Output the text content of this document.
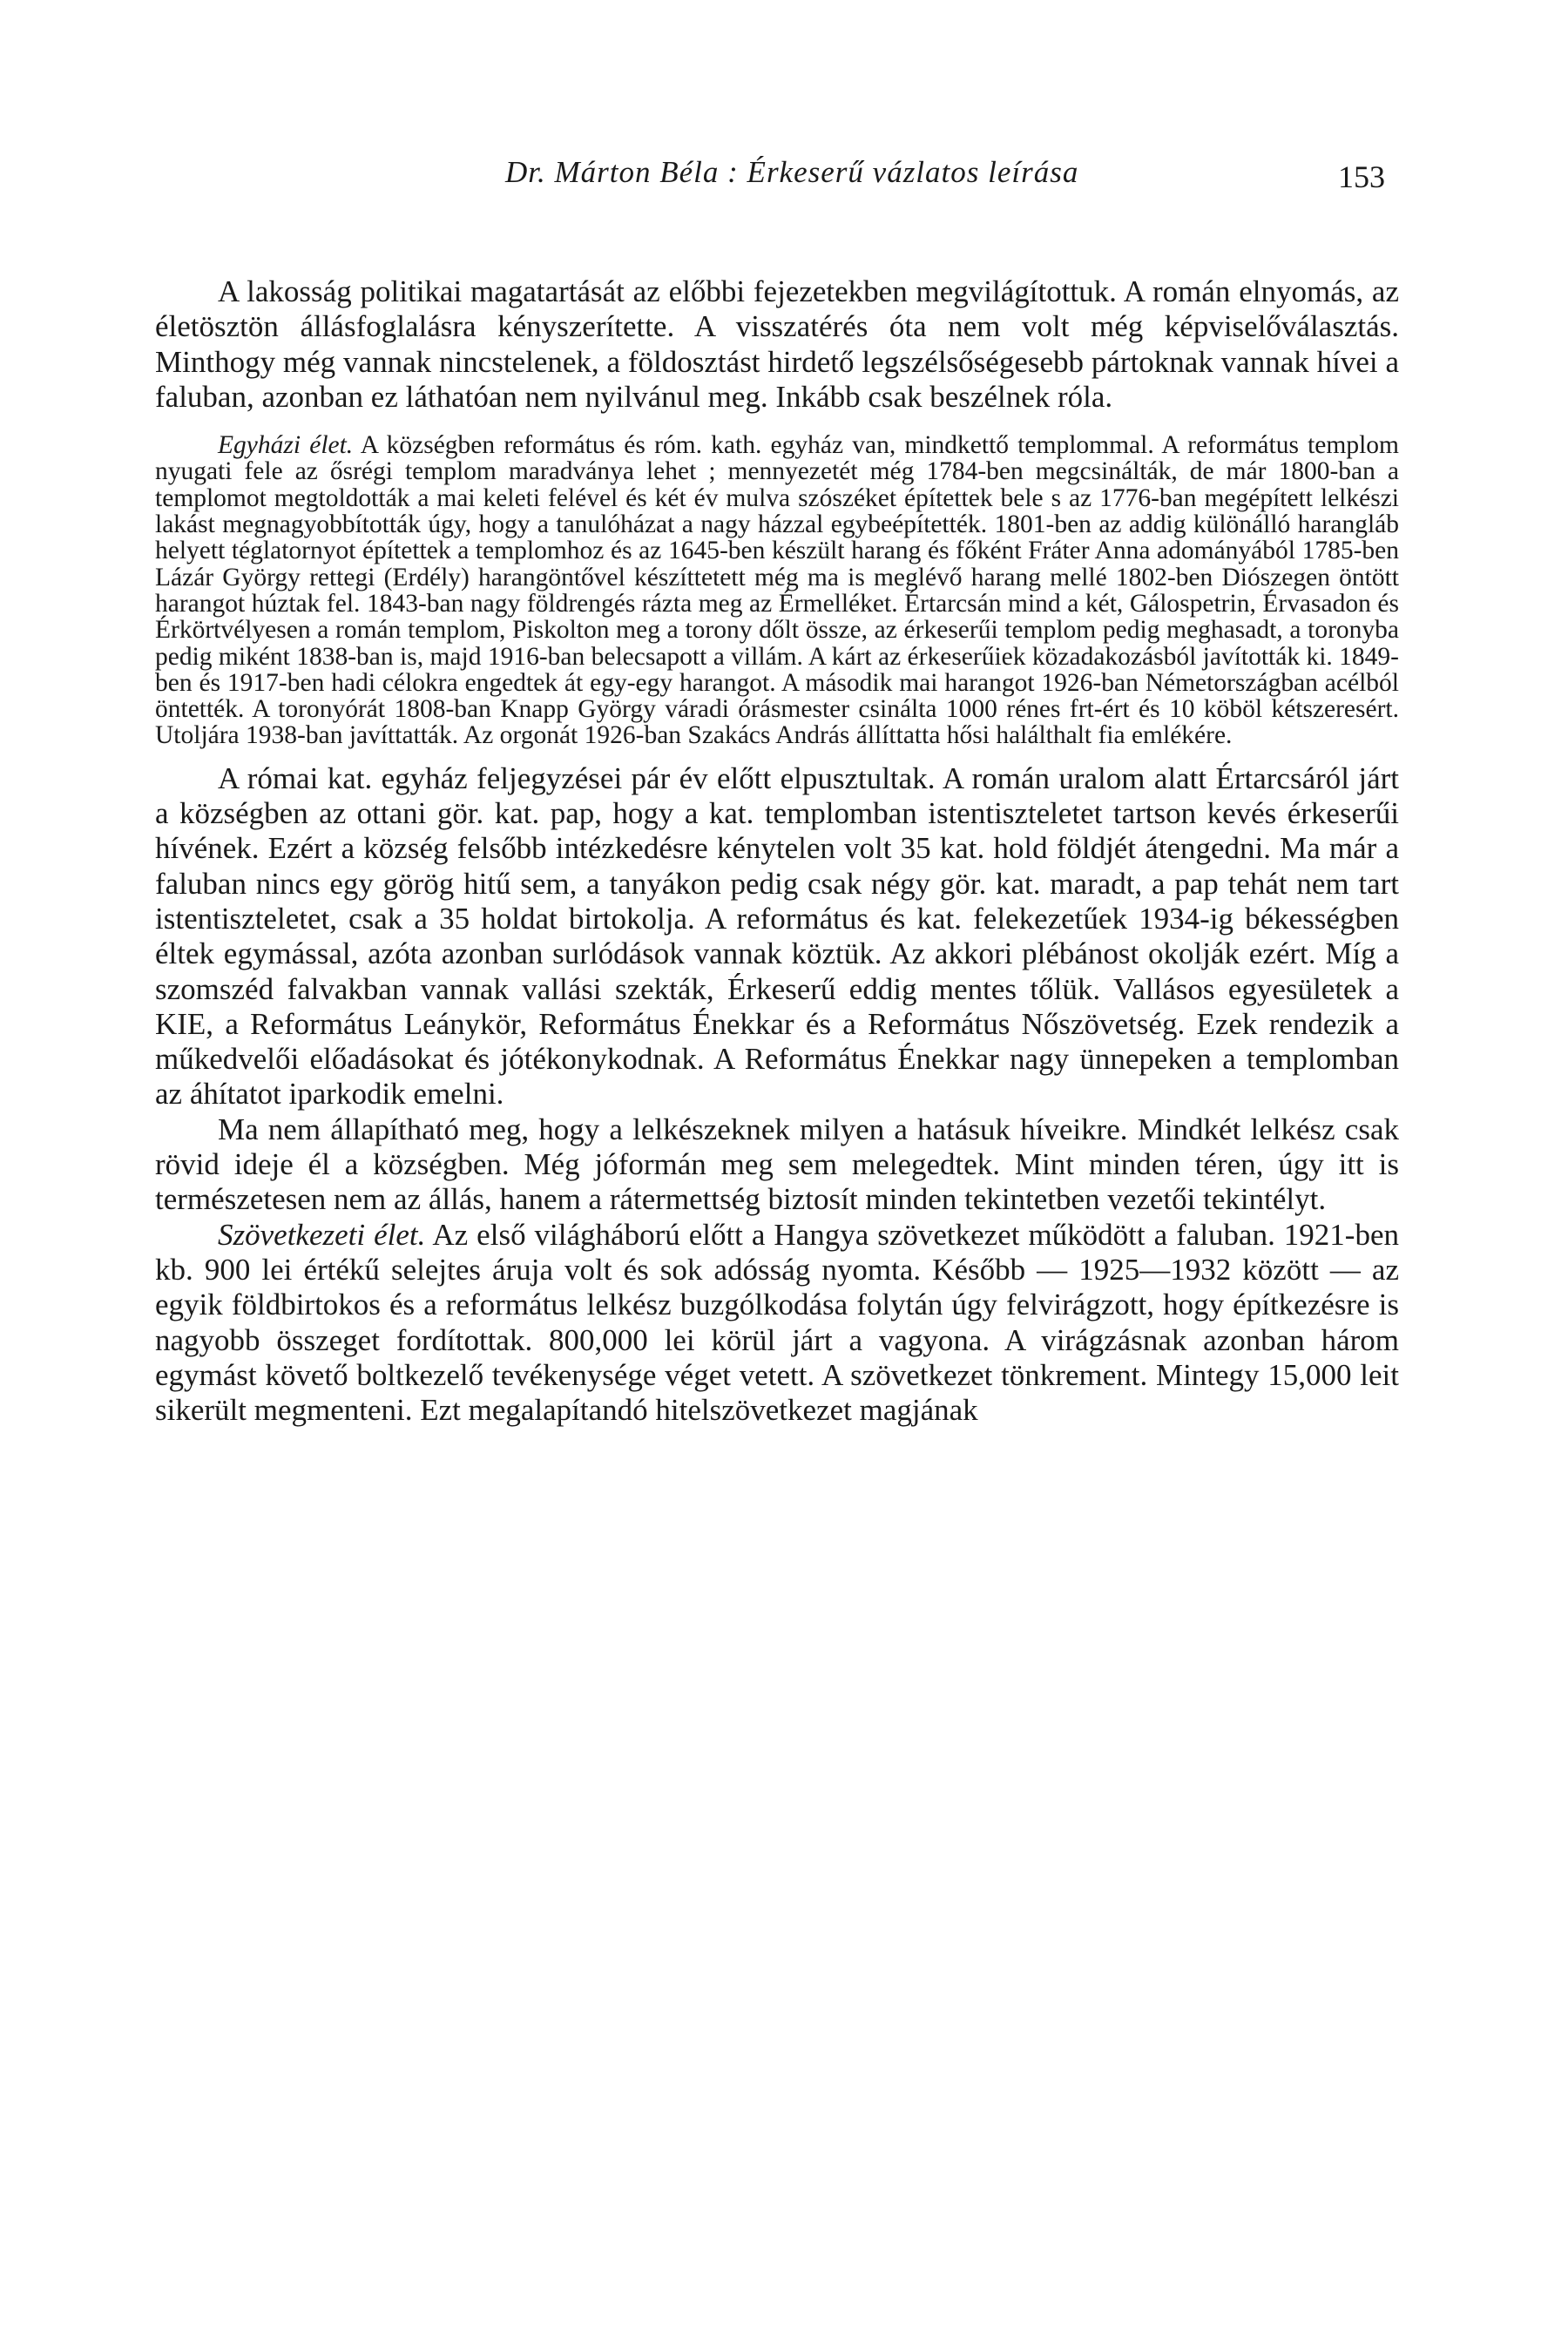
Dr. Márton Béla : Érkeserű vázlatos leírása	153

A lakosság politikai magatartását az előbbi fejezetekben megvilágítottuk. A román elnyomás, az életösztön állásfoglalásra kényszerítette. A visszatérés óta nem volt még képviselőválasztás. Minthogy még vannak nincstelenek, a földosztást hirdető legszélsőségesebb pártoknak vannak hívei a faluban, azonban ez láthatóan nem nyilvánul meg. Inkább csak beszélnek róla.

Egyházi élet. A községben református és róm. kath. egyház van, mindkettő templommal. A református templom nyugati fele az ősrégi templom maradványa lehet ; mennyezetét még 1784-ben megcsinálták, de már 1800-ban a templomot megtoldották a mai keleti felével és két év mulva szószéket építettek bele s az 1776-ban megépített lelkészi lakást megnagyobbították úgy, hogy a tanulóházat a nagy házzal egybeépítették. 1801-ben az addig különálló harangláb helyett téglatornyot építettek a templomhoz és az 1645-ben készült harang és főként Fráter Anna adományából 1785-ben Lázár György rettegi (Erdély) harangöntővel készíttetett még ma is meglévő harang mellé 1802-ben Diószegen öntött harangot húztak fel. 1843-ban nagy földrengés rázta meg az Érmelléket. Értarcsán mind a két, Gálospetrin, Érvasadon és Érkörtvélyesen a román templom, Piskolton meg a torony dőlt össze, az érkeserűi templom pedig meghasadt, a toronyba pedig miként 1838-ban is, majd 1916-ban belecsapott a villám. A kárt az érkeserűiek közadakozásból javították ki. 1849-ben és 1917-ben hadi célokra engedtek át egy-egy harangot. A második mai harangot 1926-ban Németországban acélból öntették. A toronyórát 1808-ban Knapp György váradi órásmester csinálta 1000 rénes frt-ért és 10 köböl kétszeresért. Utoljára 1938-ban javíttatták. Az orgonát 1926-ban Szakács András állíttatta hősi halálthalt fia emlékére.

A római kat. egyház feljegyzései pár év előtt elpusztultak. A román uralom alatt Értarcsáról járt a községben az ottani gör. kat. pap, hogy a kat. templomban istentiszteletet tartson kevés érkeserűi hívének. Ezért a község felsőbb intézkedésre kénytelen volt 35 kat. hold földjét átengedni. Ma már a faluban nincs egy görög hitű sem, a tanyákon pedig csak négy gör. kat. maradt, a pap tehát nem tart istentiszteletet, csak a 35 holdat birtokolja. A református és kat. felekezetűek 1934-ig békességben éltek egymással, azóta azonban surlódások vannak köztük. Az akkori plébánost okolják ezért. Míg a szomszéd falvakban vannak vallási szekták, Érkeserű eddig mentes tőlük. Vallásos egyesületek a KIE, a Református Leánykör, Református Énekkar és a Református Nőszövetség. Ezek rendezik a műkedvelői előadásokat és jótékonykodnak. A Református Énekkar nagy ünnepeken a templomban az áhítatot iparkodik emelni.

Ma nem állapítható meg, hogy a lelkészeknek milyen a hatásuk híveikre. Mindkét lelkész csak rövid ideje él a községben. Még jóformán meg sem melegedtek. Mint minden téren, úgy itt is természetesen nem az állás, hanem a rátermettség biztosít minden tekintetben vezetői tekintélyt.

Szövetkezeti élet. Az első világháború előtt a Hangya szövetkezet működött a faluban. 1921-ben kb. 900 lei értékű selejtes áruja volt és sok adósság nyomta. Később — 1925—1932 között — az egyik földbirtokos és a református lelkész buzgólkodása folytán úgy felvirágzott, hogy építkezésre is nagyobb összeget fordítottak. 800,000 lei körül járt a vagyona. A virágzásnak azonban három egymást követő boltkezelő tevékenysége véget vetett. A szövetkezet tönkrement. Mintegy 15,000 leit sikerült megmenteni. Ezt megalapítandó hitelszövetkezet magjának
